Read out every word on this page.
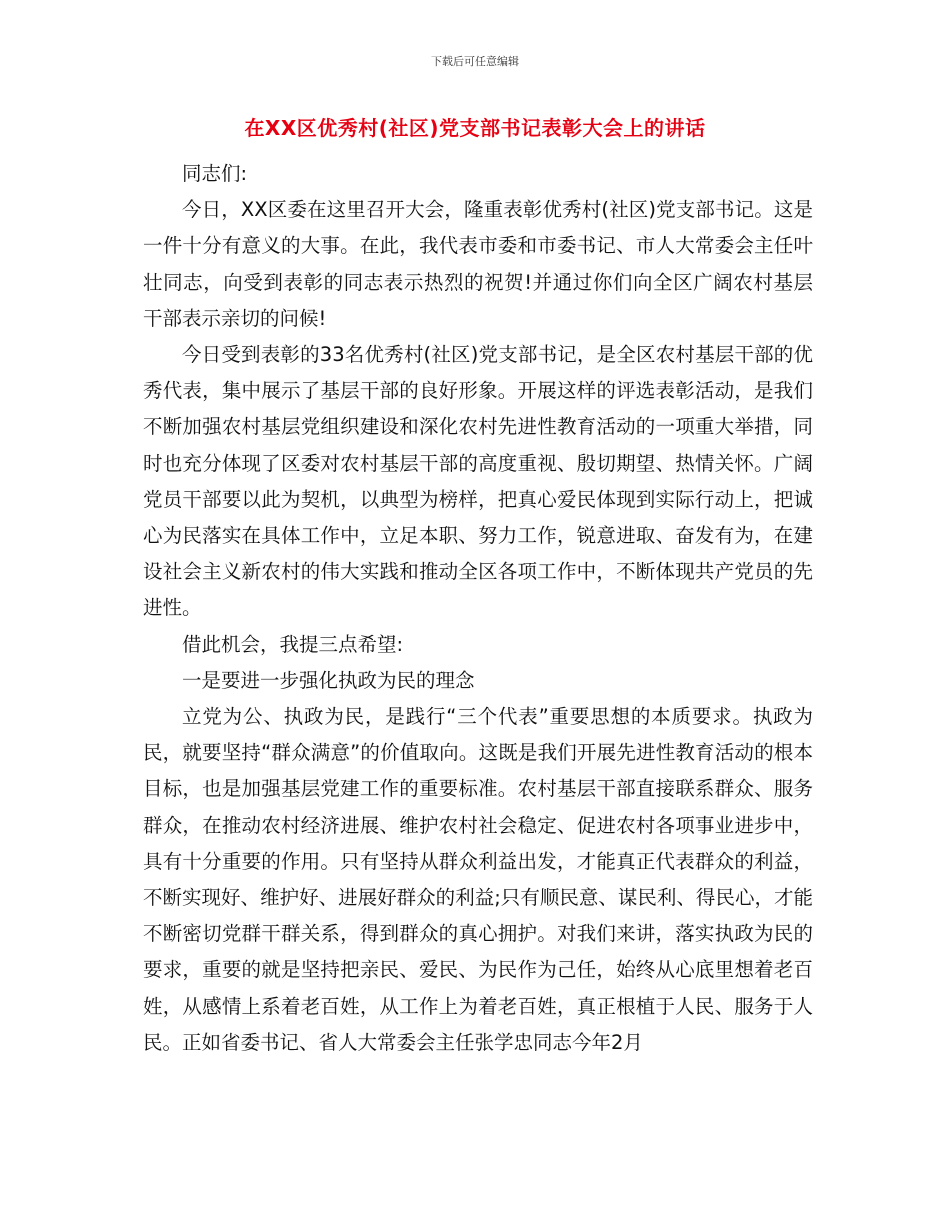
下载后可任意编辑
在XX区优秀村(社区)党支部书记表彰大会上的讲话

同志们:

今日，XX区委在这里召开大会，隆重表彰优秀村(社区)党支部书记。这是一件十分有意义的大事。在此，我代表市委和市委书记、市人大常委会主任叶壮同志，向受到表彰的同志表示热烈的祝贺!并通过你们向全区广阔农村基层干部表示亲切的问候!

今日受到表彰的33名优秀村(社区)党支部书记，是全区农村基层干部的优秀代表，集中展示了基层干部的良好形象。开展这样的评选表彰活动，是我们不断加强农村基层党组织建设和深化农村先进性教育活动的一项重大举措，同时也充分体现了区委对农村基层干部的高度重视、殷切期望、热情关怀。广阔党员干部要以此为契机，以典型为榜样，把真心爱民体现到实际行动上，把诚心为民落实在具体工作中，立足本职、努力工作，锐意进取、奋发有为，在建设社会主义新农村的伟大实践和推动全区各项工作中，不断体现共产党员的先进性。

借此机会，我提三点希望:

一是要进一步强化执政为民的理念

立党为公、执政为民，是践行“三个代表”重要思想的本质要求。执政为民，就要坚持“群众满意”的价值取向。这既是我们开展先进性教育活动的根本目标，也是加强基层党建工作的重要标准。农村基层干部直接联系群众、服务群众，在推动农村经济进展、维护农村社会稳定、促进农村各项事业进步中，具有十分重要的作用。只有坚持从群众利益出发，才能真正代表群众的利益，不断实现好、维护好、进展好群众的利益;只有顺民意、谋民利、得民心，才能不断密切党群干群关系，得到群众的真心拥护。对我们来讲，落实执政为民的要求，重要的就是坚持把亲民、爱民、为民作为己任，始终从心底里想着老百姓，从感情上系着老百姓，从工作上为着老百姓，真正根植于人民、服务于人民。正如省委书记、省人大常委会主任张学忠同志今年2月
